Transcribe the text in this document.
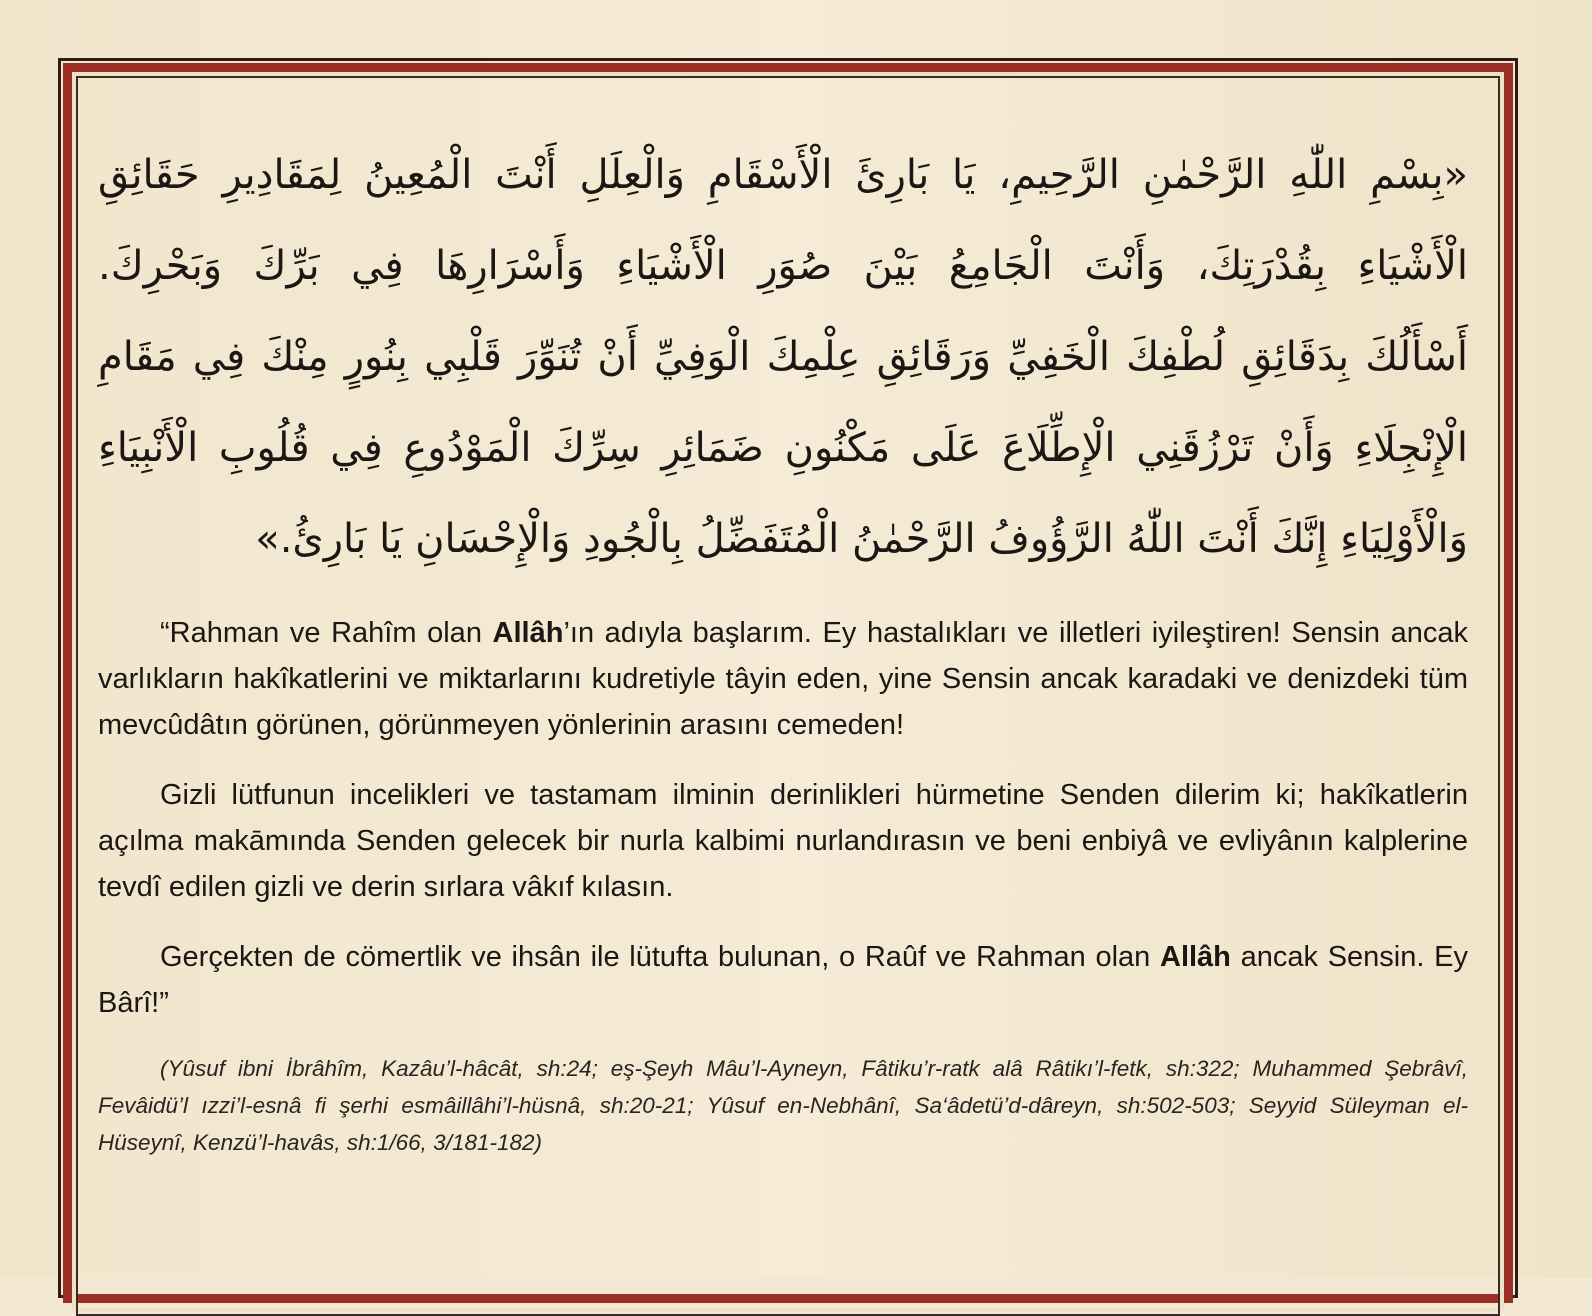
«بِسْمِ اللّٰهِ الرَّحْمٰنِ الرَّحِيمِ، يَا بَارِئَ الْأَسْقَامِ وَالْعِلَلِ أَنْتَ الْمُعِينُ لِمَقَادِيرِ حَقَائِقِ
الْأَشْيَاءِ بِقُدْرَتِكَ، وَأَنْتَ الْجَامِعُ بَيْنَ صُوَرِ الْأَشْيَاءِ وَأَسْرَارِهَا فِي بَرِّكَ وَبَحْرِكَ.
أَسْأَلُكَ بِدَقَائِقِ لُطْفِكَ الْخَفِيِّ وَرَقَائِقِ عِلْمِكَ الْوَفِيِّ أَنْ تُنَوِّرَ قَلْبِي بِنُورٍ مِنْكَ فِي مَقَامِ
الْإِنْجِلَاءِ وَأَنْ تَرْزُقَنِي الْإِطِّلَاعَ عَلَى مَكْنُونِ ضَمَائِرِ سِرِّكَ الْمَوْدُوعِ فِي قُلُوبِ الْأَنْبِيَاءِ
وَالْأَوْلِيَاءِ إِنَّكَ أَنْتَ اللّٰهُ الرَّؤُوفُ الرَّحْمٰنُ الْمُتَفَضِّلُ بِالْجُودِ وَالْإِحْسَانِ يَا بَارِئُ.»

“Rahman ve Rahîm olan Allâh’ın adıyla başlarım. Ey hastalıkları ve illetleri iyileştiren! Sensin ancak varlıkların hakîkatlerini ve miktarlarını kudretiyle tâyin eden, yine Sensin ancak karadaki ve denizdeki tüm mevcûdâtın görünen, görünmeyen yönlerinin arasını cemeden!

Gizli lütfunun incelikleri ve tastamam ilminin derinlikleri hürmetine Senden dilerim ki; hakîkatlerin açılma makāmında Senden gelecek bir nurla kalbimi nurlandırasın ve beni enbiyâ ve evliyânın kalplerine tevdî edilen gizli ve derin sırlara vâkıf kılasın.

Gerçekten de cömertlik ve ihsân ile lütufta bulunan, o Raûf ve Rahman olan Allâh ancak Sensin. Ey Bârî!”

(Yûsuf ibni İbrâhîm, Kazâu’l-hâcât, sh:24; eş-Şeyh Mâu’l-Ayneyn, Fâtiku’r-ratk alâ Râtikı’l-fetk, sh:322; Muhammed Şebrâvî, Fevâidü’l ızzi’l-esnâ fi şerhi esmâillâhi’l-hüsnâ, sh:20-21; Yûsuf en-Nebhânî, Sa‘âdetü’d-dâreyn, sh:502-503; Seyyid Süleyman el-Hüseynî, Kenzü’l-havâs, sh:1/66, 3/181-182)
